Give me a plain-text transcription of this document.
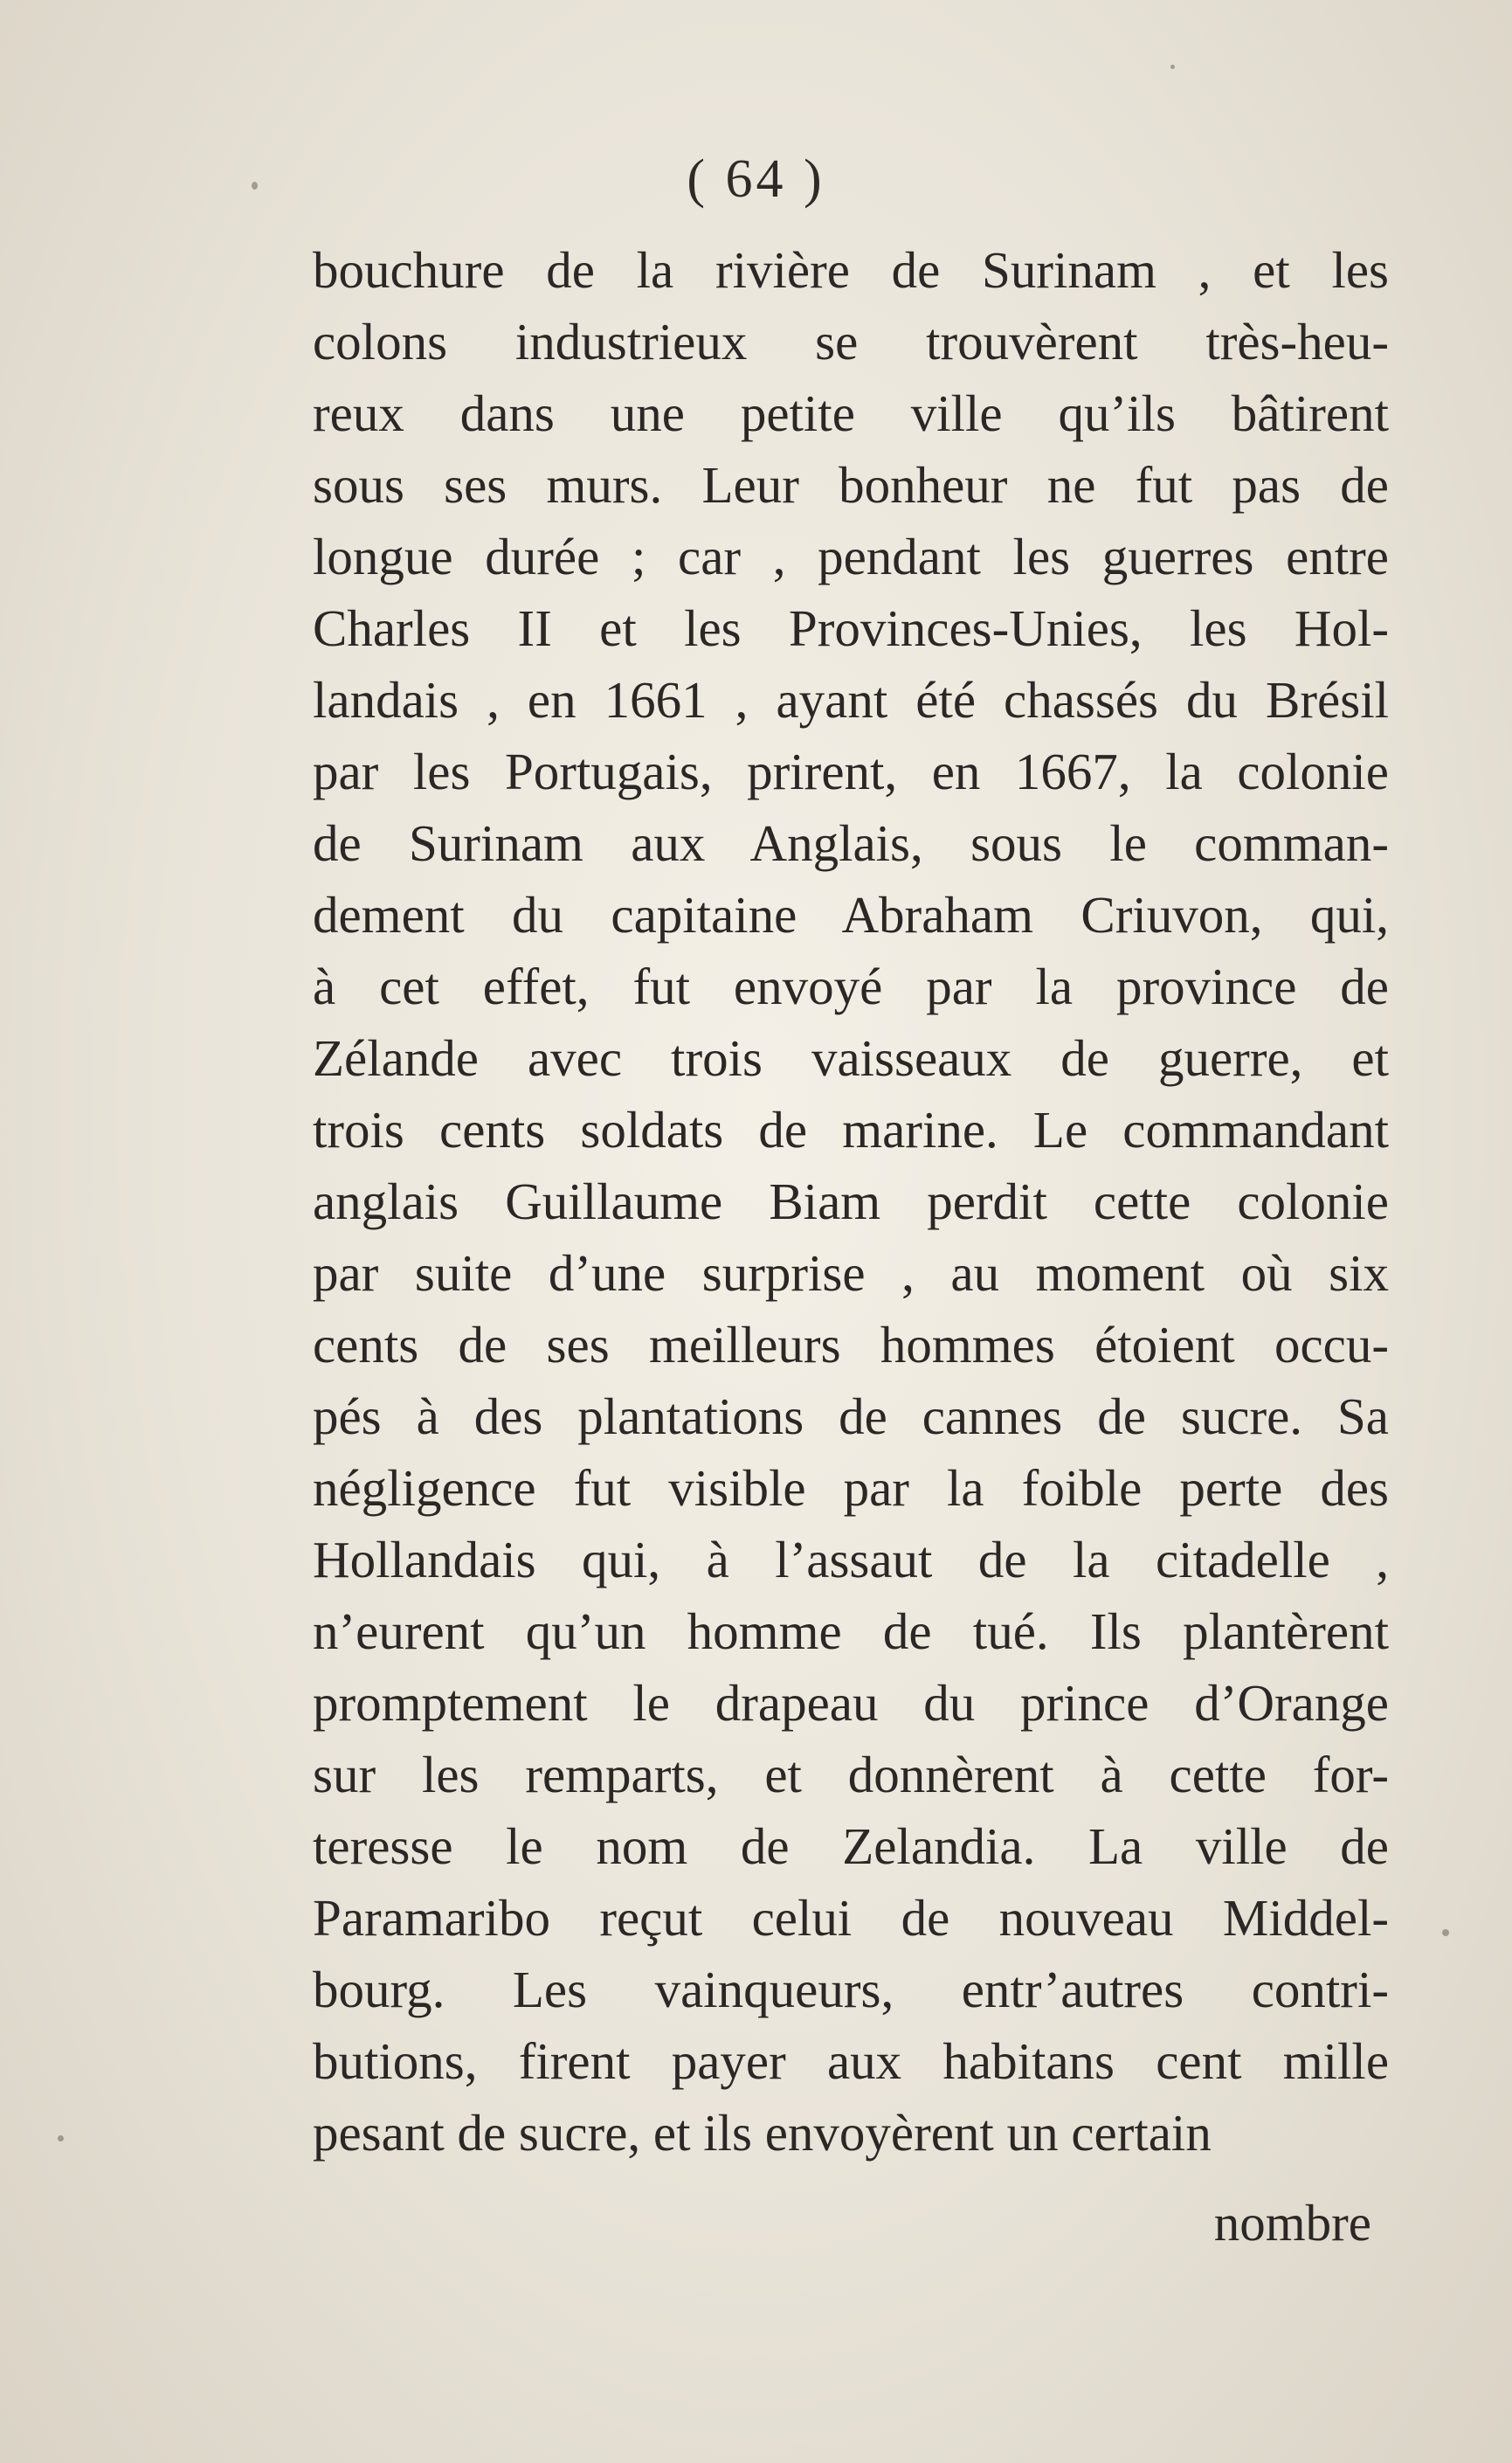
( 64 )
bouchure de la rivière de Surinam , et les
colons industrieux se trouvèrent très-heu-
reux dans une petite ville qu’ils bâtirent
sous ses murs. Leur bonheur ne fut pas de
longue durée ; car , pendant les guerres entre
Charles II et les Provinces-Unies, les Hol-
landais , en 1661 , ayant été chassés du Brésil
par les Portugais, prirent, en 1667, la colonie
de Surinam aux Anglais, sous le comman-
dement du capitaine Abraham Criuvon, qui,
à cet effet, fut envoyé par la province de
Zélande avec trois vaisseaux de guerre, et
trois cents soldats de marine. Le commandant
anglais Guillaume Biam perdit cette colonie
par suite d’une surprise , au moment où six
cents de ses meilleurs hommes étoient occu-
pés à des plantations de cannes de sucre. Sa
négligence fut visible par la foible perte des
Hollandais qui, à l’assaut de la citadelle ,
n’eurent qu’un homme de tué. Ils plantèrent
promptement le drapeau du prince d’Orange
sur les remparts, et donnèrent à cette for-
teresse le nom de Zelandia. La ville de
Paramaribo reçut celui de nouveau Middel-
bourg. Les vainqueurs, entr’autres contri-
butions, firent payer aux habitans cent mille
pesant de sucre, et ils envoyèrent un certain
nombre
